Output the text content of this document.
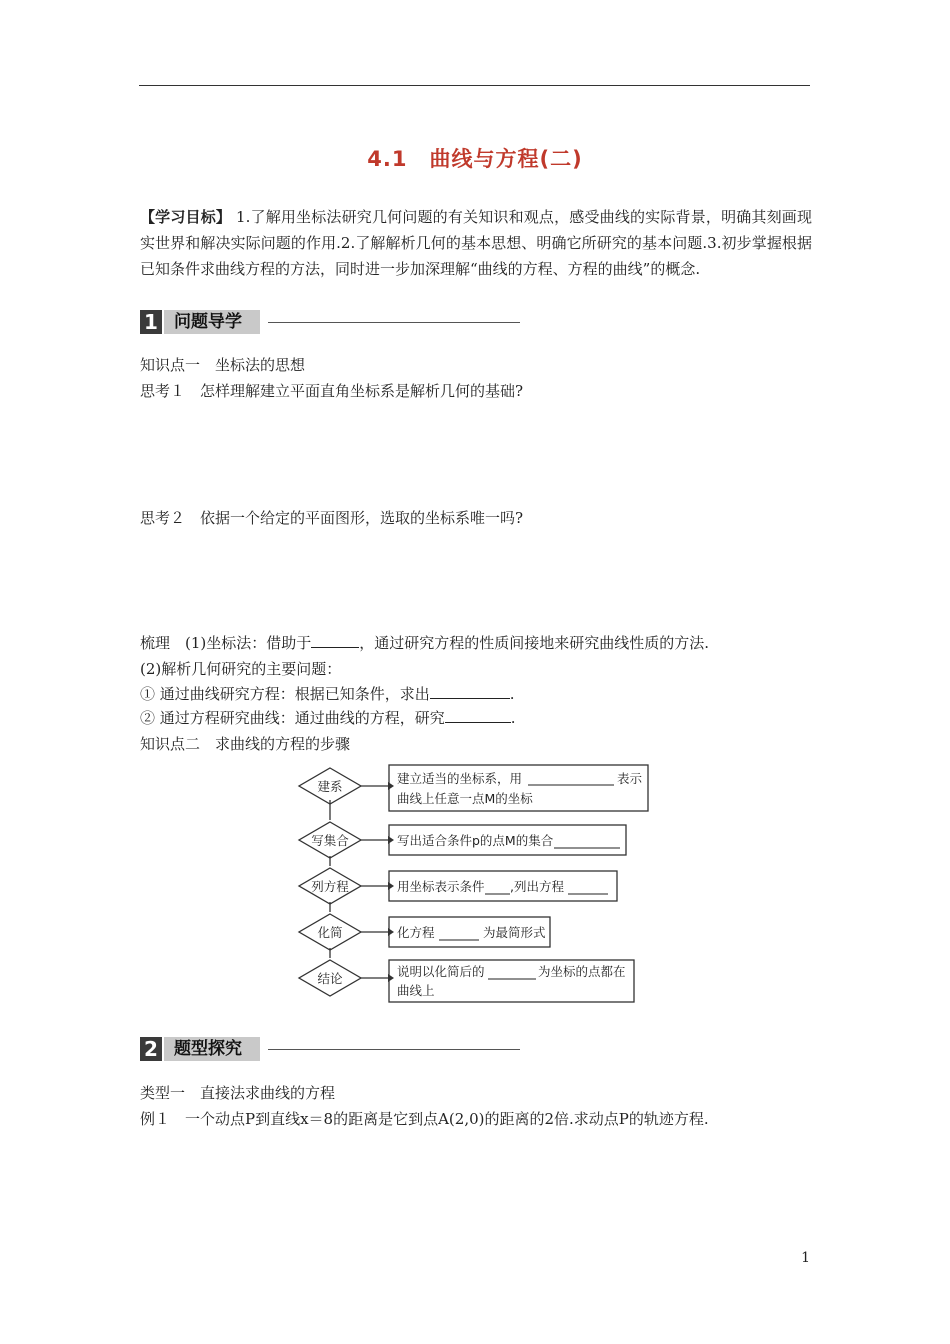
4.1　曲线与方程(二)
【学习目标】 1.了解用坐标法研究几何问题的有关知识和观点，感受曲线的实际背景，明确其刻画现实世界和解决实际问题的作用.2.了解解析几何的基本思想、明确它所研究的基本问题.3.初步掌握根据已知条件求曲线方程的方法，同时进一步加深理解“曲线的方程、方程的曲线”的概念.
1 问题导学
知识点一　坐标法的思想
思考１　怎样理解建立平面直角坐标系是解析几何的基础?
思考２　依据一个给定的平面图形，选取的坐标系唯一吗?
梳理　(1)坐标法：借助于	，通过研究方程的性质间接地来研究曲线性质的方法.
(2)解析几何研究的主要问题：
① 通过曲线研究方程：根据已知条件，求出	.
② 通过方程研究曲线：通过曲线的方程，研究	.
知识点二　求曲线的方程的步骤
建系
写集合
列方程
化简
结论
建立适当的坐标系，用	表示
曲线上任意一点M的坐标
写出适合条件p的点M的集合
用坐标表示条件 ,列出方程
化方程	为最简形式
说明以化简后的	为坐标的点都在
曲线上
2 题型探究
类型一　直接法求曲线的方程
例１　一个动点P到直线x＝8的距离是它到点A(2,0)的距离的2倍.求动点P的轨迹方程.
1
